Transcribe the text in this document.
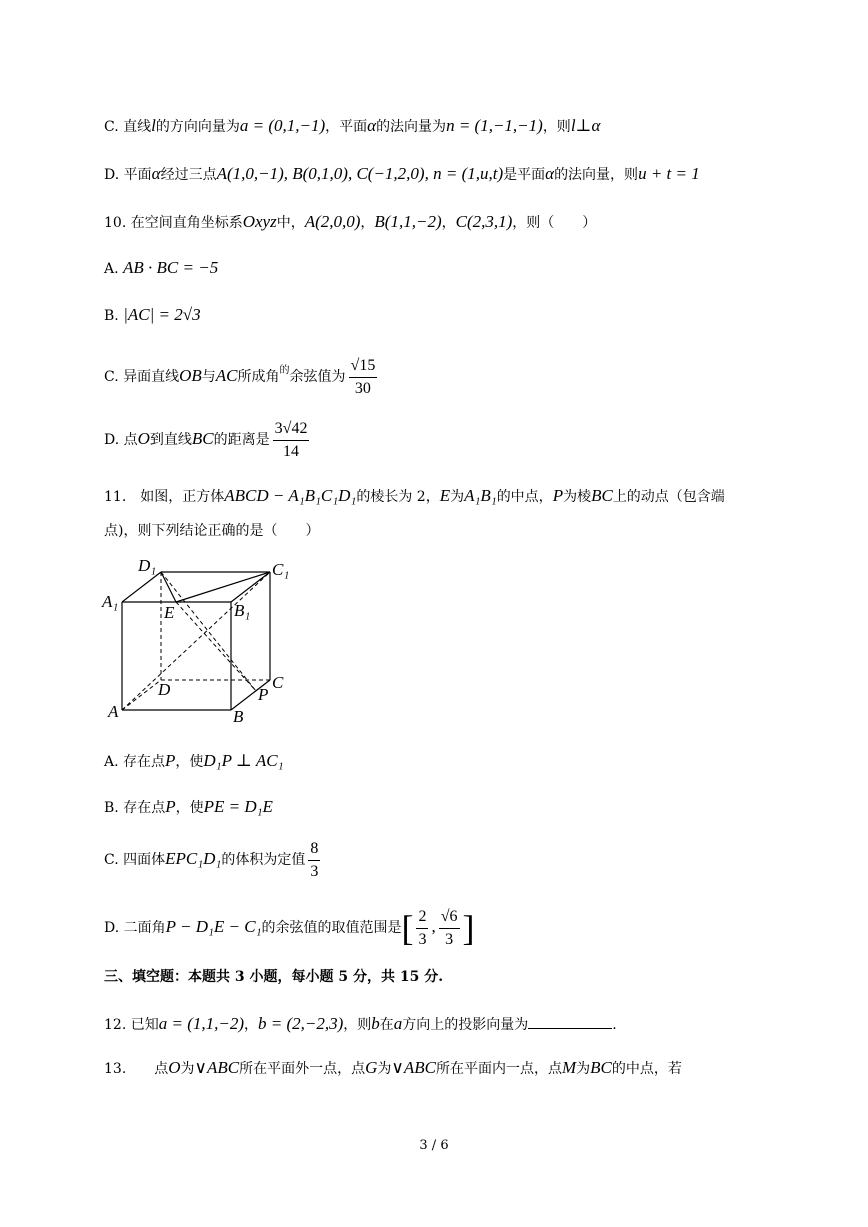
C. 直线l的方向向量为a = (0,1,−1)，平面α的法向量为n = (1,−1,−1)，则l⊥α
D. 平面α经过三点A(1,0,−1), B(0,1,0), C(−1,2,0), n = (1,u,t)是平面α的法向量，则u + t = 1
10. 在空间直角坐标系Oxyz中，A(2,0,0)，B(1,1,−2)，C(2,3,1)，则（　　）
A. AB · BC = −5
B. |AC| = 2√3
C. 异面直线OB与AC所成角$^的$余弦值为 $\frac{√15}{30}$
D. 点O到直线BC的距离是 $\frac{3√42}{14}$
11.　如图，正方体ABCD − A₁B₁C₁D₁的棱长为 2，E为A₁B₁的中点，P为棱BC上的动点（包含端
点)，则下列结论正确的是（　　）
D₁	C₁
A₁	B₁
E
D	C
P
A	B
A. 存在点P，使D₁P ⊥ AC₁
B. 存在点P，使PE = D₁E
C. 四面体EPC₁D₁的体积为定值 $\frac{8}{3}$
D. 二面角P − D₁E − C₁的余弦值的取值范围是[ $\frac{2}{3}$ , $\frac{√6}{3}$ ]
三、填空题：本题共 3 小题，每小题 5 分，共 15 分.
12. 已知a = (1,1,−2)，b = (2,−2,3)，则b在a方向上的投影向量为	.
13.　　点O为∨ABC所在平面外一点，点G为∨ABC所在平面内一点，点M为BC的中点，若
3 / 6
